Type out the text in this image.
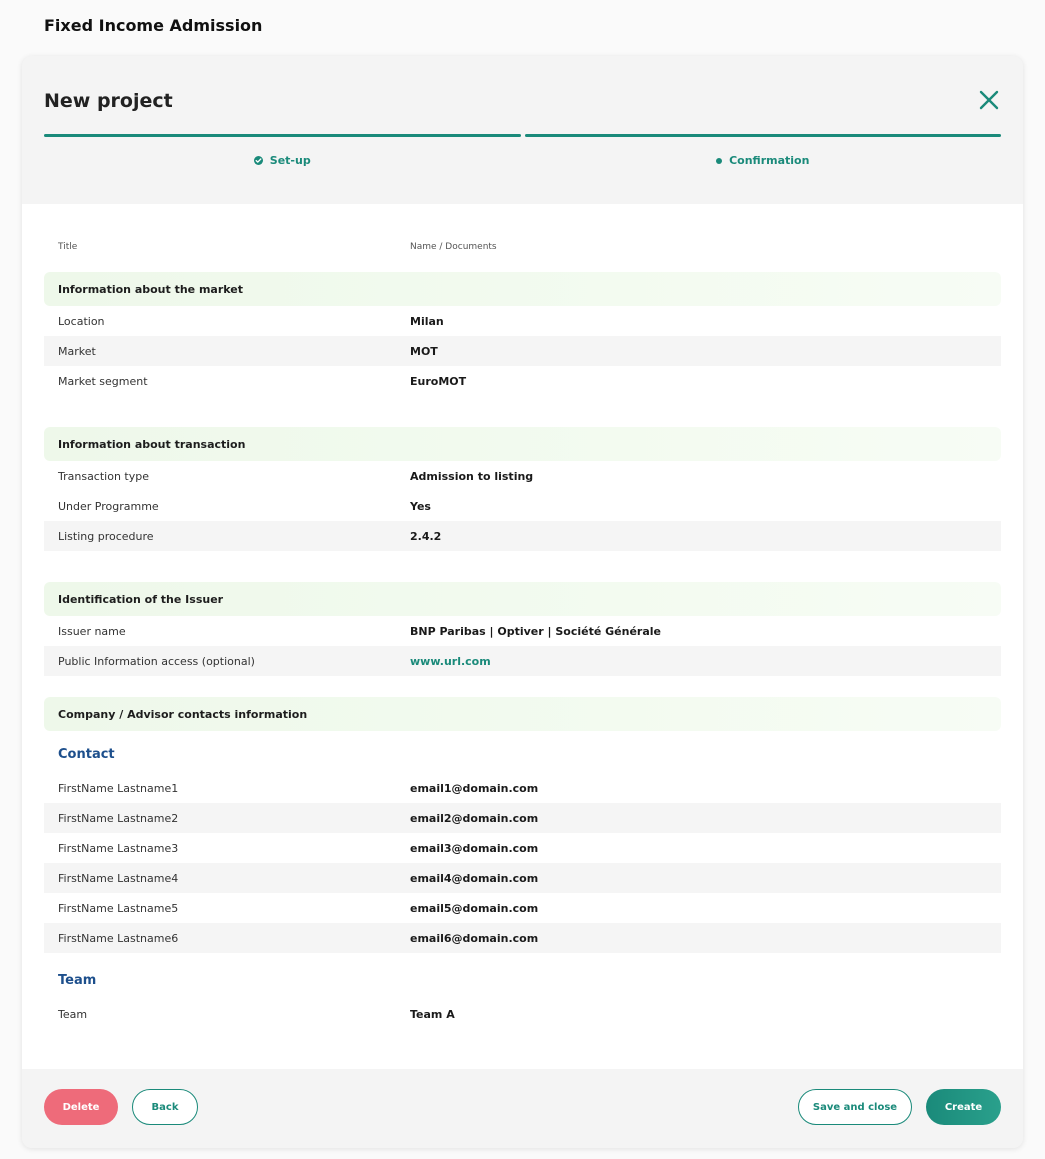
Fixed Income Admission
New project
Set-up	Confirmation
Title	Name / Documents
Information about the market
Location	Milan
Market	MOT
Market segment	EuroMOT
Information about transaction
Transaction type	Admission to listing
Under Programme	Yes
Listing procedure	2.4.2
Identification of the Issuer
Issuer name	BNP Paribas | Optiver | Société Générale
Public Information access (optional)	www.url.com
Company / Advisor contacts information
Contact
FirstName Lastname1	email1@domain.com
FirstName Lastname2	email2@domain.com
FirstName Lastname3	email3@domain.com
FirstName Lastname4	email4@domain.com
FirstName Lastname5	email5@domain.com
FirstName Lastname6	email6@domain.com
Team
Team	Team A
Delete	Back	Save and close	Create
